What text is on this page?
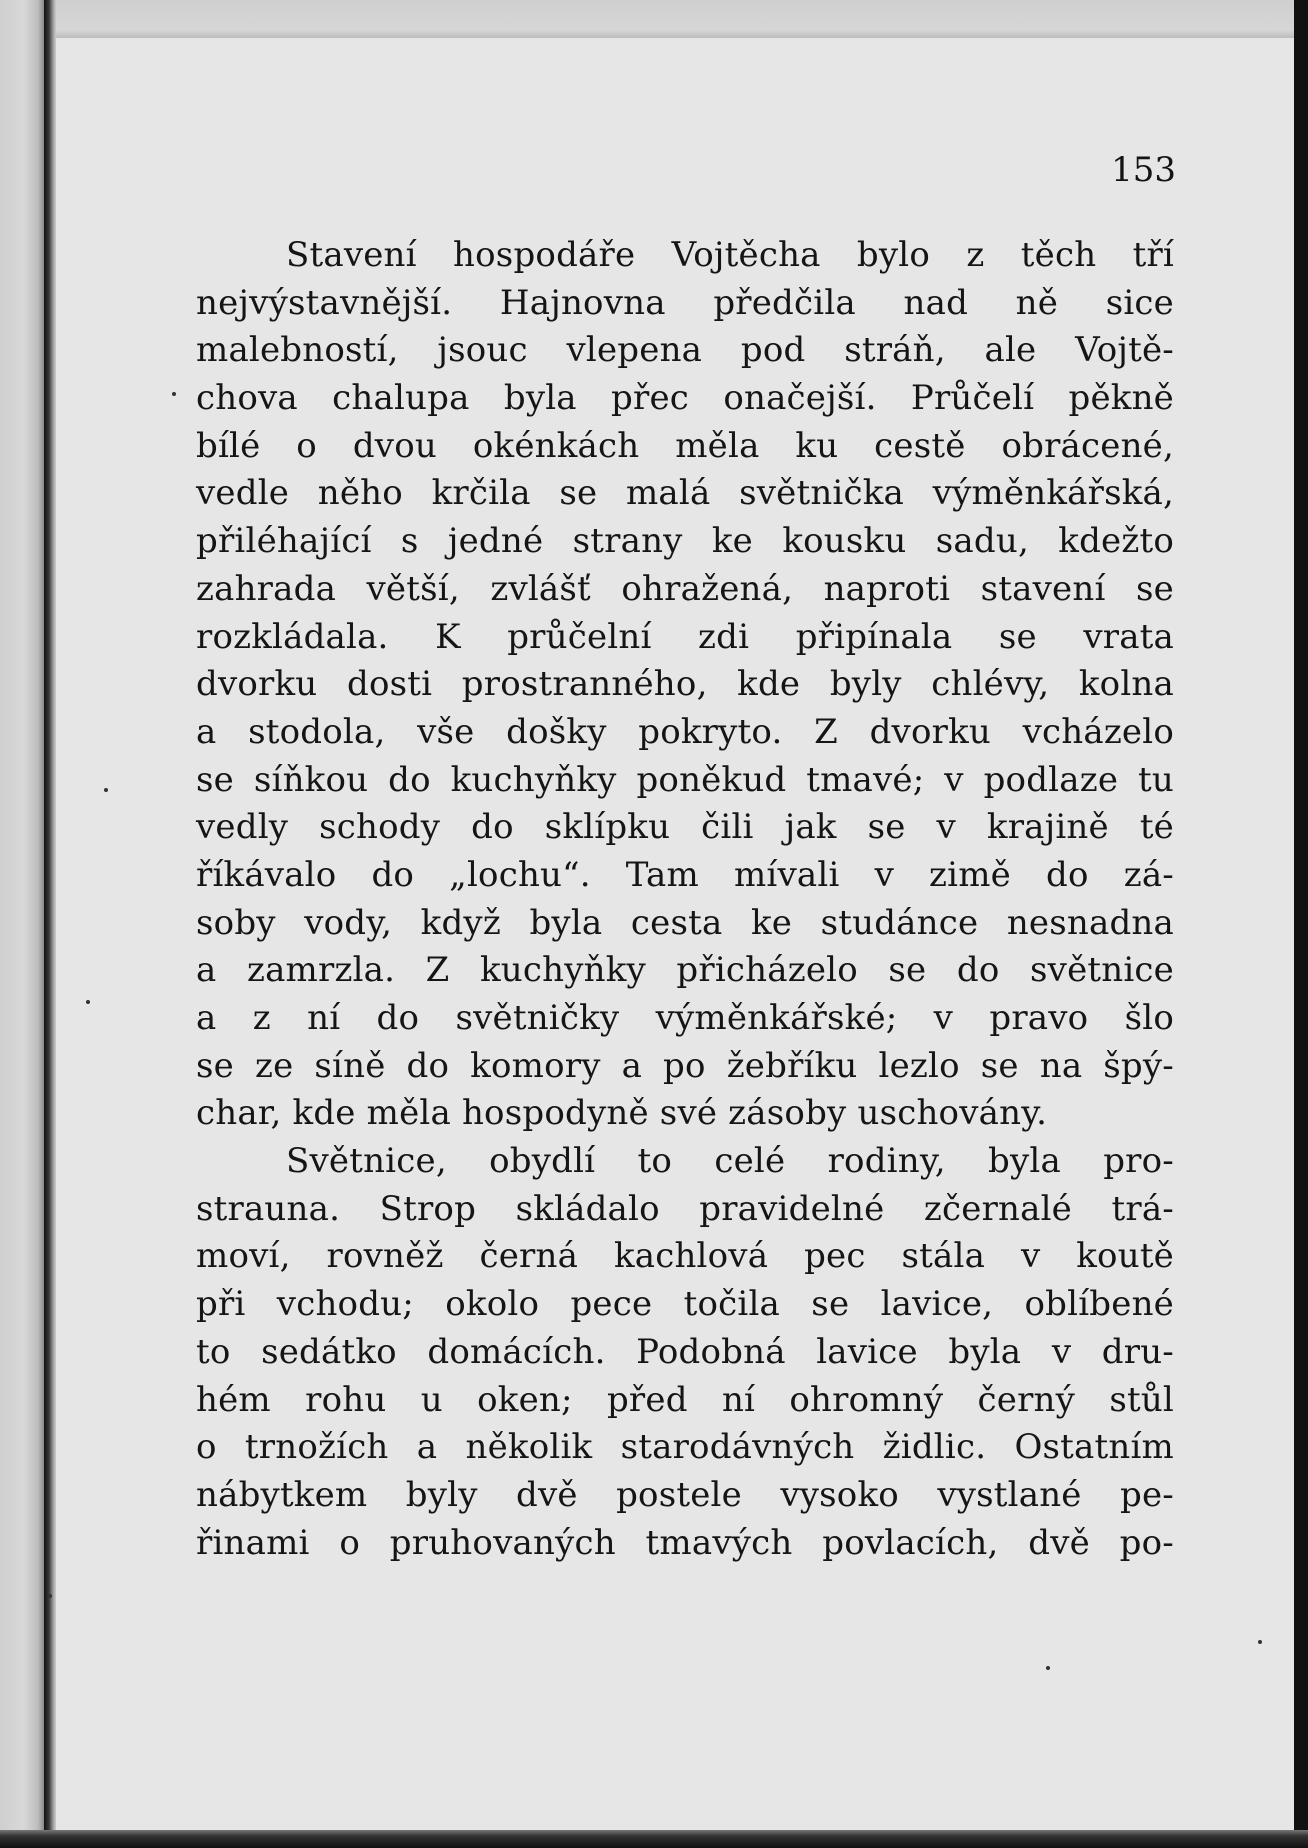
153

Stavení hospodáře Vojtěcha bylo z těch tří
nejvýstavnější. Hajnovna předčila nad ně sice
malebností, jsouc vlepena pod stráň, ale Vojtě-
chova chalupa byla přec onačejší. Průčelí pěkně
bílé o dvou okénkách měla ku cestě obrácené,
vedle něho krčila se malá světnička výměnkářská,
přiléhající s jedné strany ke kousku sadu, kdežto
zahrada větší, zvlášť ohražená, naproti stavení se
rozkládala. K průčelní zdi připínala se vrata
dvorku dosti prostranného, kde byly chlévy, kolna
a stodola, vše došky pokryto. Z dvorku vcházelo
se síňkou do kuchyňky poněkud tmavé; v podlaze tu
vedly schody do sklípku čili jak se v krajině té
říkávalo do „lochu“. Tam mívali v zimě do zá-
soby vody, když byla cesta ke studánce nesnadna
a zamrzla. Z kuchyňky přicházelo se do světnice
a z ní do světničky výměnkářské; v pravo šlo
se ze síně do komory a po žebříku lezlo se na špý-
char, kde měla hospodyně své zásoby uschovány.
Světnice, obydlí to celé rodiny, byla pro-
strauna. Strop skládalo pravidelné zčernalé trá-
moví, rovněž černá kachlová pec stála v koutě
při vchodu; okolo pece točila se lavice, oblíbené
to sedátko domácích. Podobná lavice byla v dru-
hém rohu u oken; před ní ohromný černý stůl
o trnožích a několik starodávných židlic. Ostatním
nábytkem byly dvě postele vysoko vystlané pe-
řinami o pruhovaných tmavých povlacích, dvě po-
